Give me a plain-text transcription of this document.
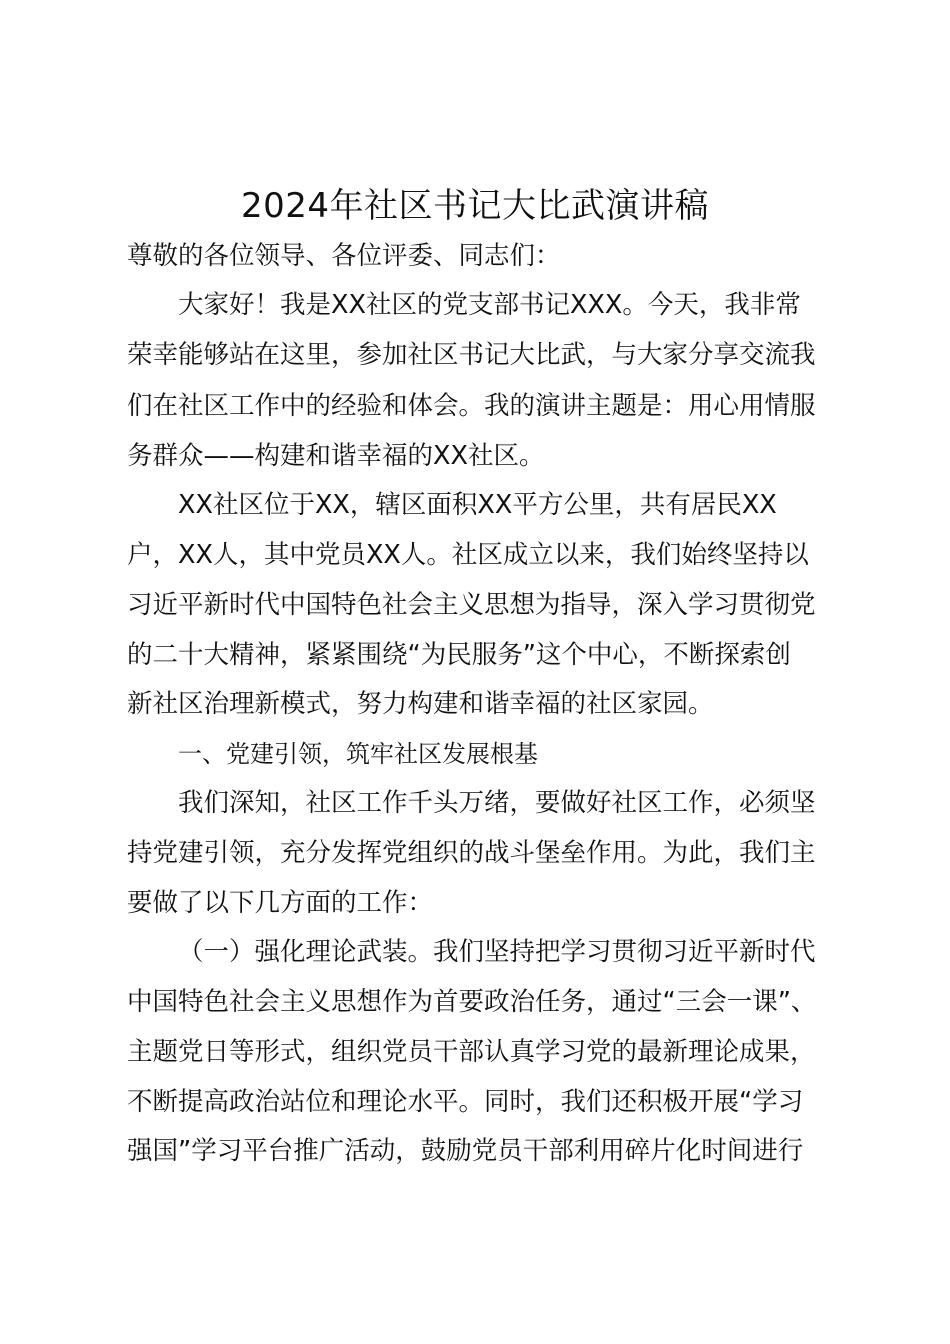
2024年社区书记大比武演讲稿

尊敬的各位领导、各位评委、同志们：

大家好！我是XX社区的党支部书记XXX。今天，我非常

荣幸能够站在这里，参加社区书记大比武，与大家分享交流我

们在社区工作中的经验和体会。我的演讲主题是：用心用情服

务群众——构建和谐幸福的XX社区。

XX社区位于XX，辖区面积XX平方公里，共有居民XX

户，XX人，其中党员XX人。社区成立以来，我们始终坚持以

习近平新时代中国特色社会主义思想为指导，深入学习贯彻党

的二十大精神，紧紧围绕“为民服务”这个中心，不断探索创

新社区治理新模式，努力构建和谐幸福的社区家园。

一、党建引领，筑牢社区发展根基

我们深知，社区工作千头万绪，要做好社区工作，必须坚

持党建引领，充分发挥党组织的战斗堡垒作用。为此，我们主

要做了以下几方面的工作：

（一）强化理论武装。我们坚持把学习贯彻习近平新时代

中国特色社会主义思想作为首要政治任务，通过“三会一课”、

主题党日等形式，组织党员干部认真学习党的最新理论成果，

不断提高政治站位和理论水平。同时，我们还积极开展“学习

强国”学习平台推广活动，鼓励党员干部利用碎片化时间进行
